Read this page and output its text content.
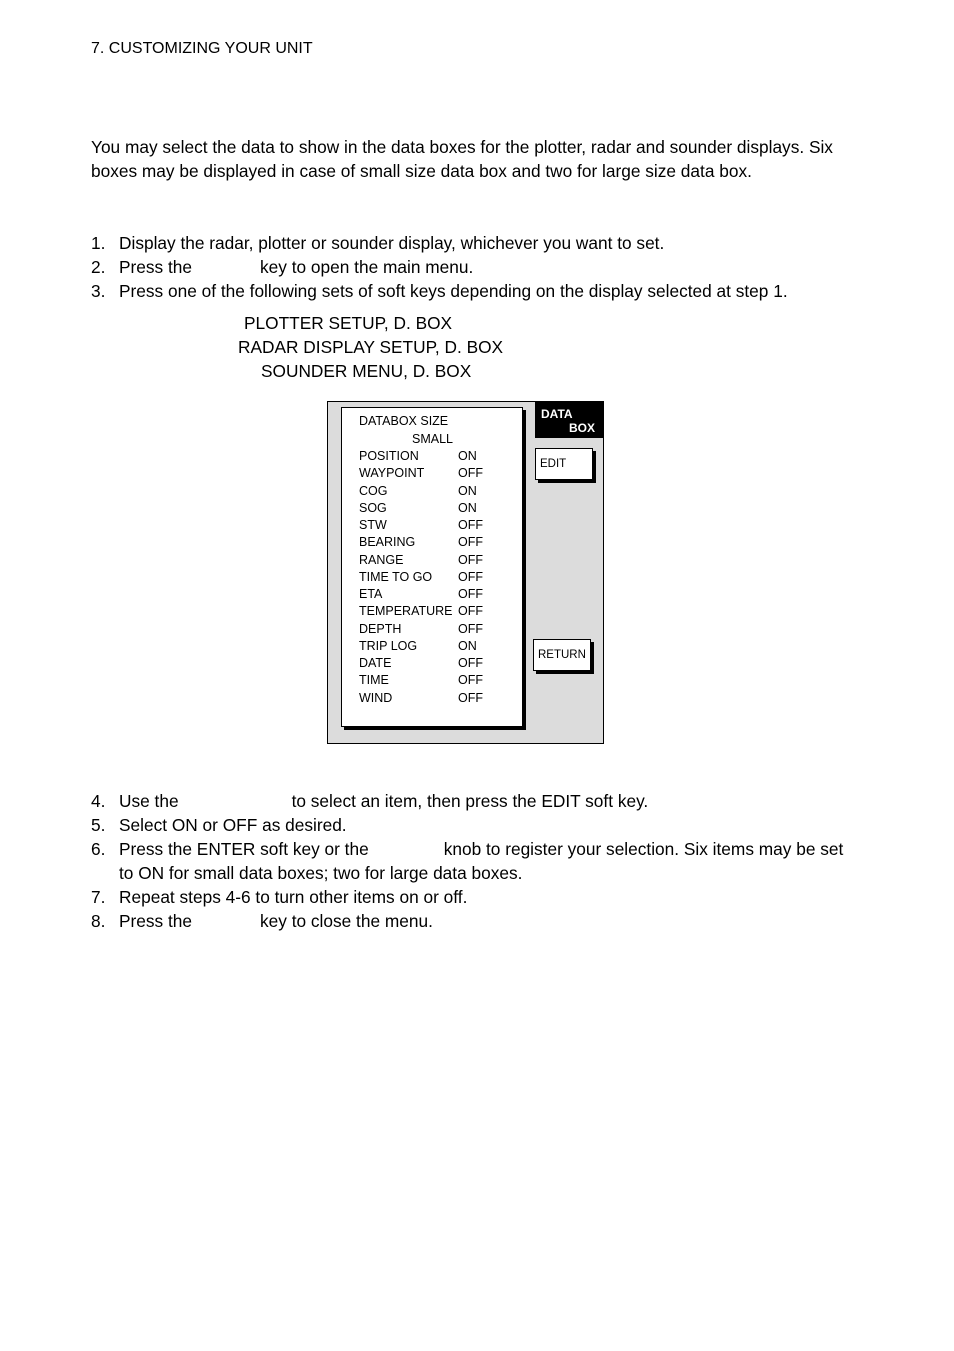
7. CUSTOMIZING YOUR UNIT

You may select the data to show in the data boxes for the plotter, radar and sounder displays. Six boxes may be displayed in case of small size data box and two for large size data box.

1. Display the radar, plotter or sounder display, whichever you want to set.
2. Press the	key to open the main menu.
3. Press one of the following sets of soft keys depending on the display selected at step 1.
PLOTTER SETUP, D. BOX
RADAR DISPLAY SETUP, D. BOX
SOUNDER MENU, D. BOX
DATABOX SIZE
SMALL
POSITION	ON
WAYPOINT	OFF
COG	ON
SOG	ON
STW	OFF
BEARING	OFF
RANGE	OFF
TIME TO GO OFF
ETA	OFF
TEMPERATURE OFF
DEPTH	OFF
TRIP LOG	ON
DATE	OFF
TIME	OFF
WIND	OFF
DATA
BOX
EDIT
RETURN
4. Use the	to select an item, then press the EDIT soft key.
5. Select ON or OFF as desired.
6. Press the ENTER soft key or the	knob to register your selection. Six items may be set to ON for small data boxes; two for large data boxes.
7. Repeat steps 4-6 to turn other items on or off.
8. Press the	key to close the menu.
